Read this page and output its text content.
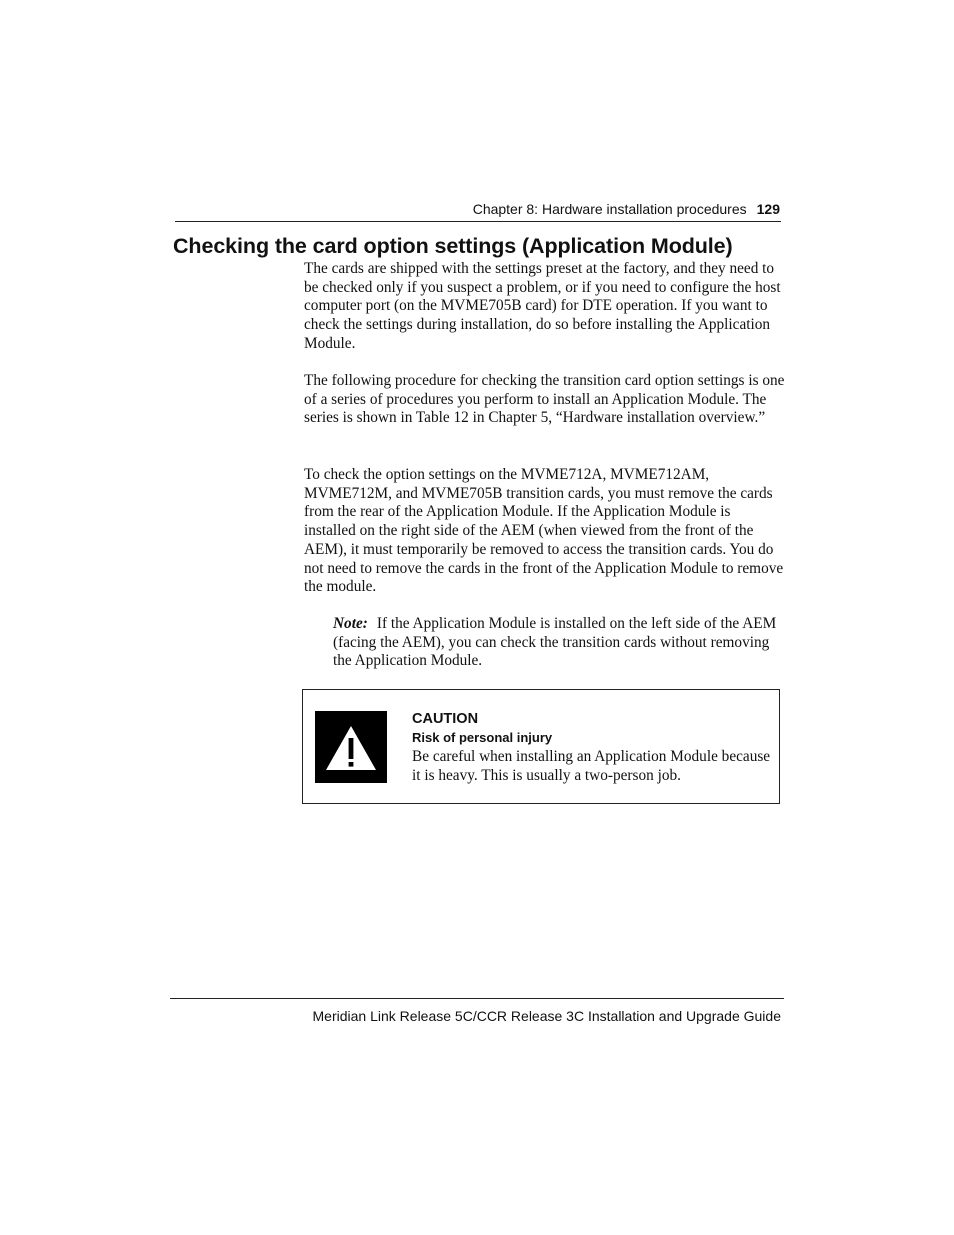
Chapter 8: Hardware installation procedures 129
Checking the card option settings (Application Module)

The cards are shipped with the settings preset at the factory, and they need to be checked only if you suspect a problem, or if you need to configure the host computer port (on the MVME705B card) for DTE operation. If you want to check the settings during installation, do so before installing the Application Module.

The following procedure for checking the transition card option settings is one of a series of procedures you perform to install an Application Module. The series is shown in Table 12 in Chapter 5, “Hardware installation overview.”

To check the option settings on the MVME712A, MVME712AM, MVME712M, and MVME705B transition cards, you must remove the cards from the rear of the Application Module. If the Application Module is installed on the right side of the AEM (when viewed from the front of the AEM), it must temporarily be removed to access the transition cards. You do not need to remove the cards in the front of the Application Module to remove the module.

Note: If the Application Module is installed on the left side of the AEM (facing the AEM), you can check the transition cards without removing the Application Module.

CAUTION
Risk of personal injury

Be careful when installing an Application Module because it is heavy. This is usually a two-person job.

Meridian Link Release 5C/CCR Release 3C Installation and Upgrade Guide
